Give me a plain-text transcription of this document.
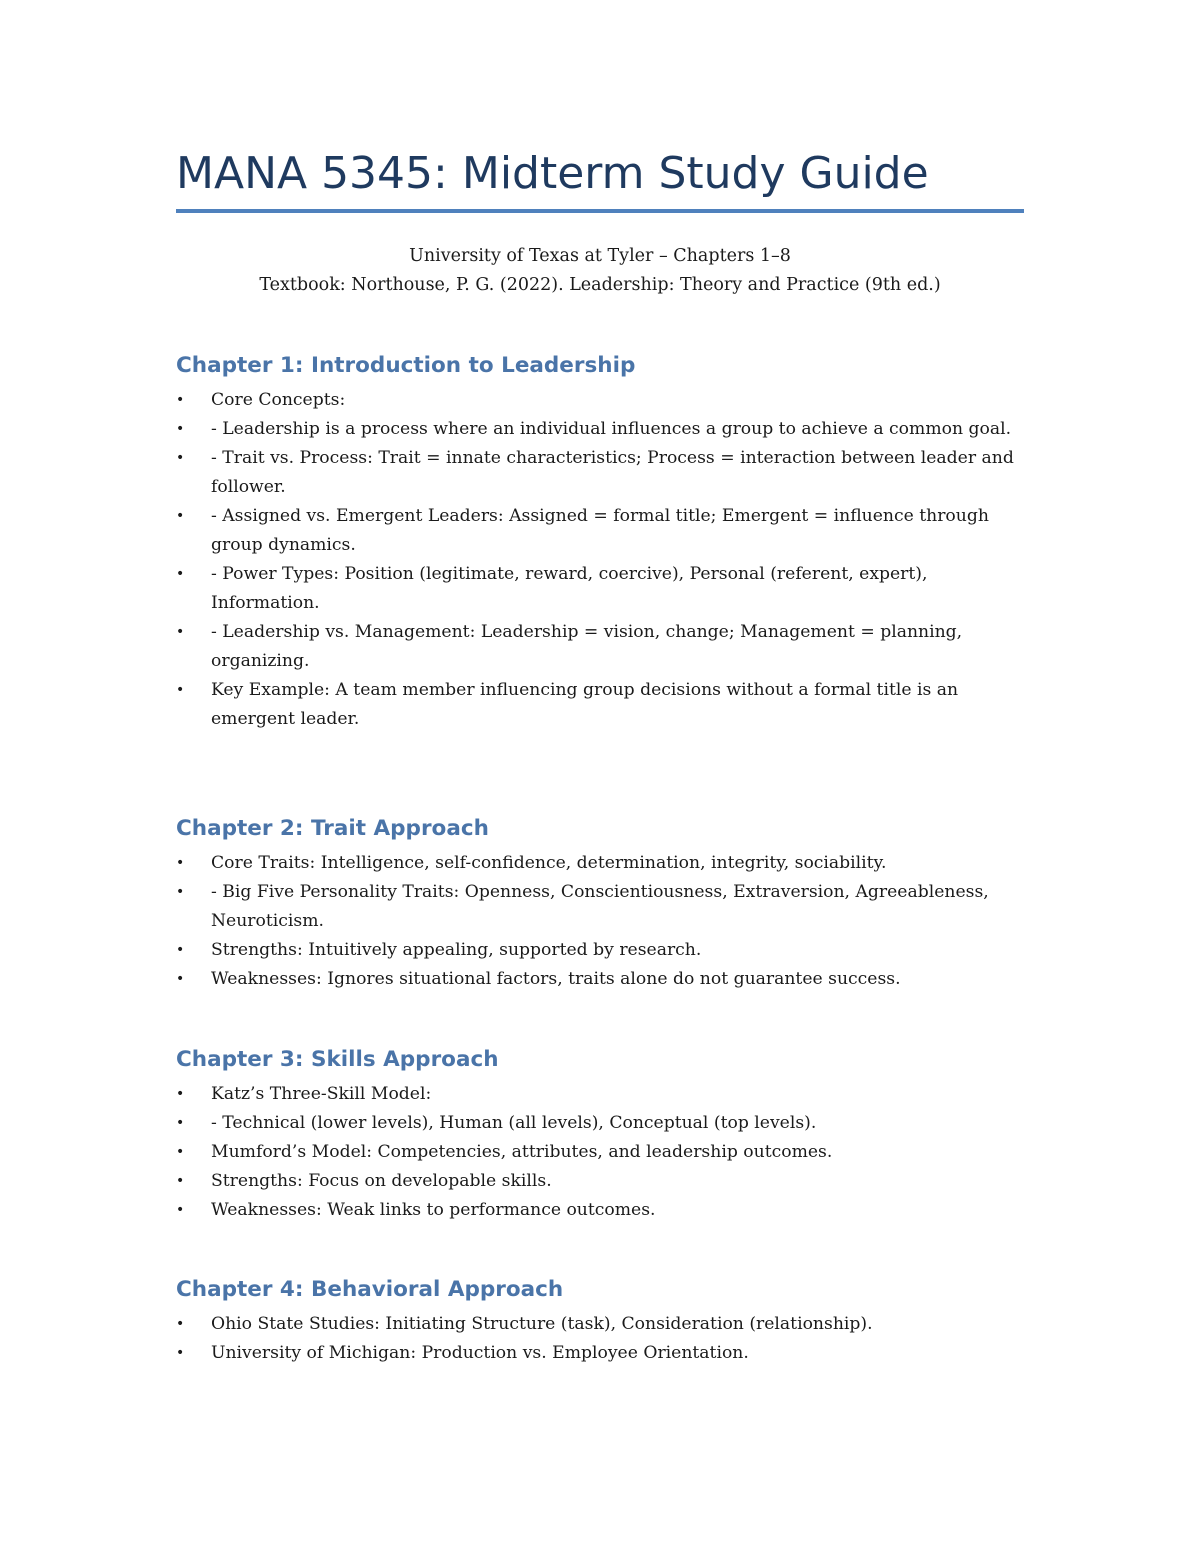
MANA 5345: Midterm Study Guide
University of Texas at Tyler – Chapters 1–8
Textbook: Northouse, P. G. (2022). Leadership: Theory and Practice (9th ed.)
Chapter 1: Introduction to Leadership
• Core Concepts:
• - Leadership is a process where an individual influences a group to achieve a common goal.
• - Trait vs. Process: Trait = innate characteristics; Process = interaction between leader and follower.
• - Assigned vs. Emergent Leaders: Assigned = formal title; Emergent = influence through group dynamics.
• - Power Types: Position (legitimate, reward, coercive), Personal (referent, expert), Information.
• - Leadership vs. Management: Leadership = vision, change; Management = planning, organizing.
• Key Example: A team member influencing group decisions without a formal title is an emergent leader.
Chapter 2: Trait Approach
• Core Traits: Intelligence, self-confidence, determination, integrity, sociability.
• - Big Five Personality Traits: Openness, Conscientiousness, Extraversion, Agreeableness, Neuroticism.
• Strengths: Intuitively appealing, supported by research.
• Weaknesses: Ignores situational factors, traits alone do not guarantee success.
Chapter 3: Skills Approach
• Katz’s Three-Skill Model:
• - Technical (lower levels), Human (all levels), Conceptual (top levels).
• Mumford’s Model: Competencies, attributes, and leadership outcomes.
• Strengths: Focus on developable skills.
• Weaknesses: Weak links to performance outcomes.
Chapter 4: Behavioral Approach
• Ohio State Studies: Initiating Structure (task), Consideration (relationship).
• University of Michigan: Production vs. Employee Orientation.
